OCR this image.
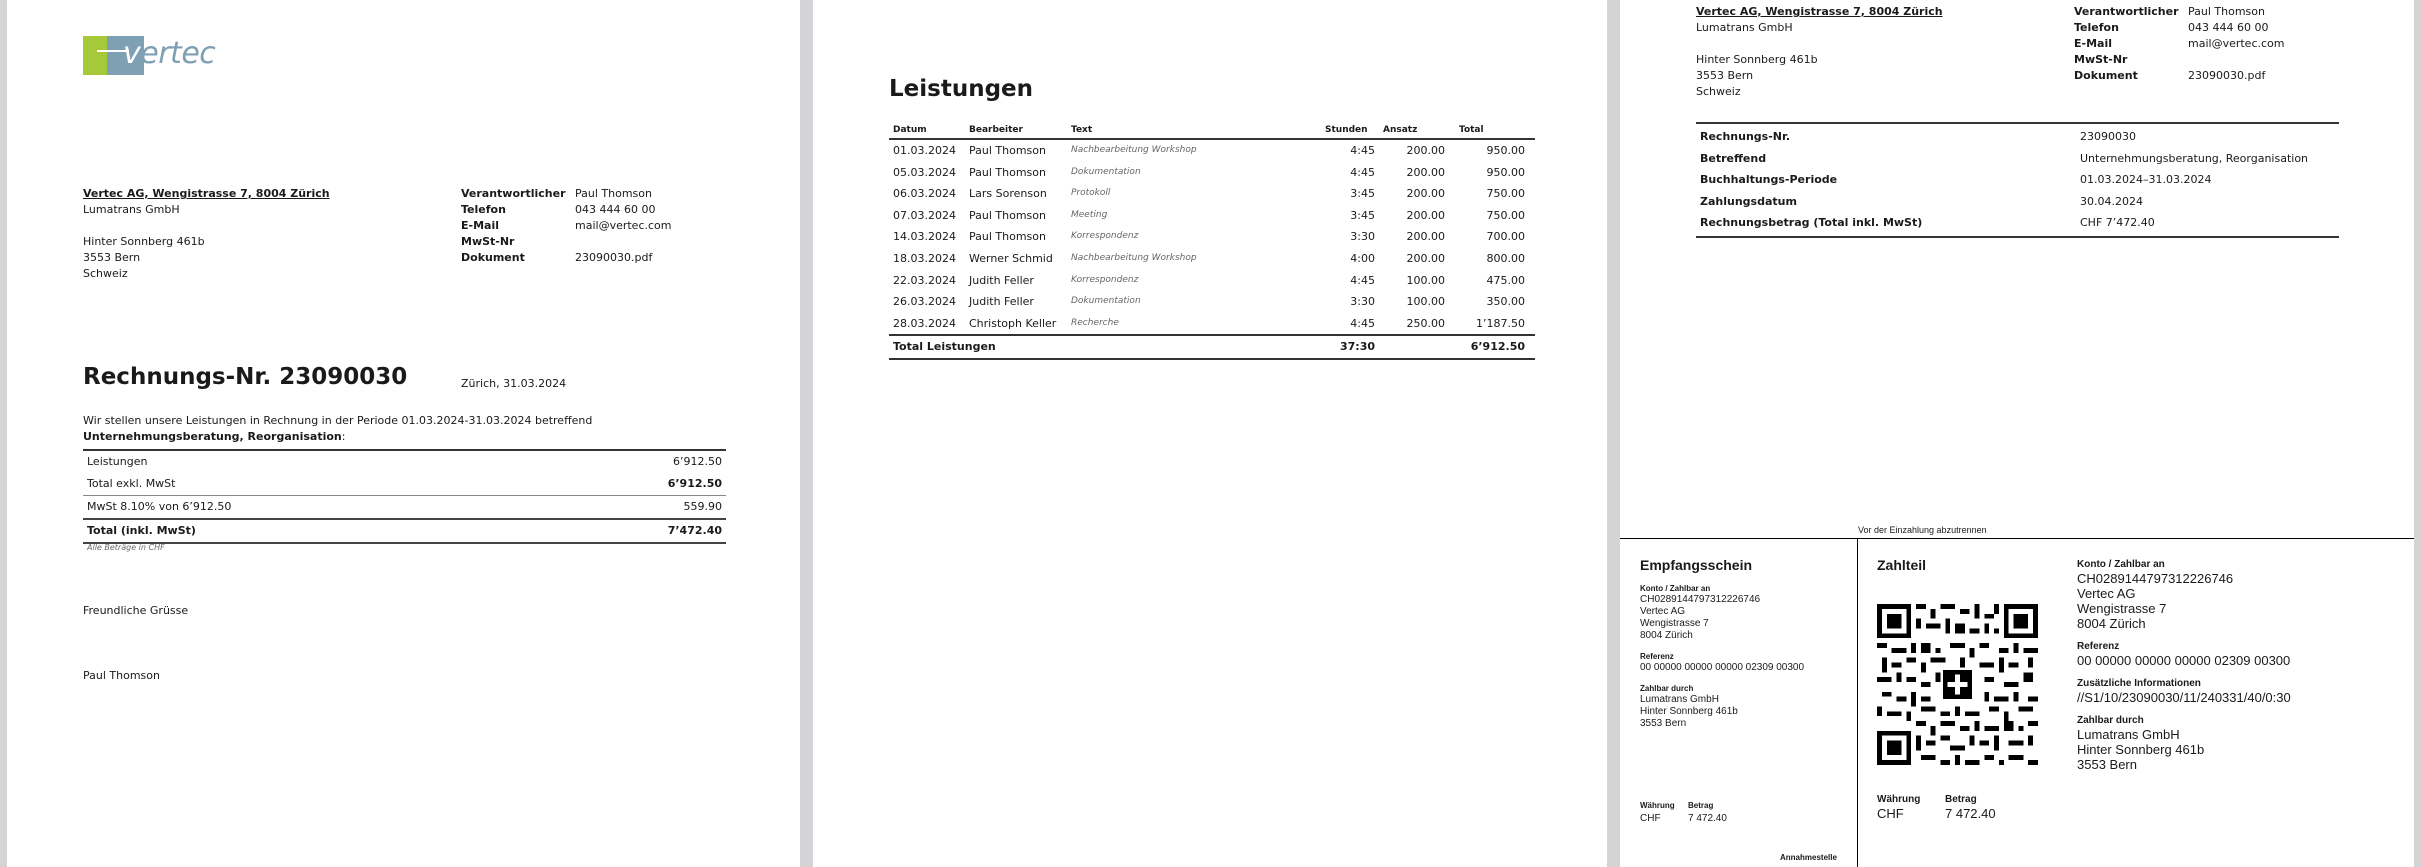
vertec
Vertec AG, Wengistrasse 7, 8004 Zürich
Lumatrans GmbH
Hinter Sonnberg 461b
3553 Bern
Schweiz
Verantwortlicher Paul Thomson
Telefon	043 444 60 00
E-Mail	mail@vertec.com
MwSt-Nr
Dokument	23090030.pdf
Rechnungs-Nr. 23090030	Zürich, 31.03.2024
Wir stellen unsere Leistungen in Rechnung in der Periode 01.03.2024-31.03.2024 betreffend
Unternehmungsberatung, Reorganisation:
Leistungen	6’912.50
Total exkl. MwSt	6’912.50
MwSt 8.10% von 6’912.50	559.90
Total (inkl. MwSt)	7’472.40
Alle Beträge in CHF
Freundliche Grüsse
Paul Thomson
Leistungen
Datum	Bearbeiter	Text	Stunden	Ansatz	Total
01.03.2024	Paul Thomson	Nachbearbeitung Workshop	4:45	200.00	950.00
05.03.2024	Paul Thomson	Dokumentation	4:45	200.00	950.00
06.03.2024	Lars Sorenson	Protokoll	3:45	200.00	750.00
07.03.2024	Paul Thomson	Meeting	3:45	200.00	750.00
14.03.2024	Paul Thomson	Korrespondenz	3:30	200.00	700.00
18.03.2024	Werner Schmid	Nachbearbeitung Workshop	4:00	200.00	800.00
22.03.2024	Judith Feller	Korrespondenz	4:45	100.00	475.00
26.03.2024	Judith Feller	Dokumentation	3:30	100.00	350.00
28.03.2024	Christoph Keller	Recherche	4:45	250.00	1’187.50
Total Leistungen	37:30	6’912.50
Vertec AG, Wengistrasse 7, 8004 Zürich
Lumatrans GmbH
Hinter Sonnberg 461b
3553 Bern
Schweiz
Verantwortlicher Paul Thomson
Telefon	043 444 60 00
E-Mail	mail@vertec.com
MwSt-Nr
Dokument	23090030.pdf
Rechnungs-Nr.	23090030
Betreffend	Unternehmungsberatung, Reorganisation
Buchhaltungs-Periode	01.03.2024–31.03.2024
Zahlungsdatum	30.04.2024
Rechnungsbetrag (Total inkl. MwSt)	CHF 7’472.40
Vor der Einzahlung abzutrennen
Empfangsschein
Konto / Zahlbar an
CH0289144797312226746
Vertec AG
Wengistrasse 7
8004 Zürich
Referenz
00 00000 00000 00000 02309 00300
Zahlbar durch
Lumatrans GmbH
Hinter Sonnberg 461b
3553 Bern
Währung
CHF
Betrag
7 472.40
Annahmestelle
Zahlteil
Währung
CHF
Betrag
7 472.40
Konto / Zahlbar an
CH0289144797312226746
Vertec AG
Wengistrasse 7
8004 Zürich
Referenz
00 00000 00000 00000 02309 00300
Zusätzliche Informationen
//S1/10/23090030/11/240331/40/0:30
Zahlbar durch
Lumatrans GmbH
Hinter Sonnberg 461b
3553 Bern
